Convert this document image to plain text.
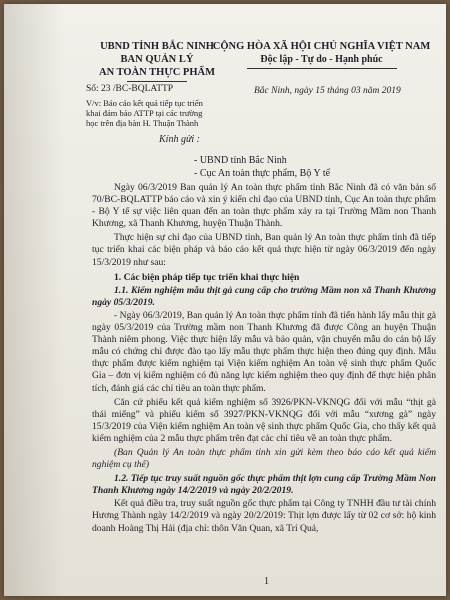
UBND TỈNH BẮC NINH
BAN QUẢN LÝ
AN TOÀN THỰC PHẨM
CỘNG HÒA XÃ HỘI CHỦ NGHĨA VIỆT NAM
Độc lập - Tự do - Hạnh phúc
Số: 23 /BC-BQLATTP
V/v: Báo cáo kết quả tiếp tục triển khai đảm bảo ATTP tại các trường học trên địa bàn H. Thuận Thành
Bắc Ninh, ngày 15 tháng 03 năm 2019
Kính gửi :
- UBND tỉnh Bắc Ninh
- Cục An toàn thực phẩm, Bộ Y tế

Ngày 06/3/2019 Ban quản lý An toàn thực phẩm tỉnh Bắc Ninh đã có văn bản số 70/BC-BQLATTP báo cáo và xin ý kiến chỉ đạo của UBND tỉnh, Cục An toàn thực phẩm - Bộ Y tế sự việc liên quan đến an toàn thực phẩm xảy ra tại Trường Mầm non Thanh Khương, xã Thanh Khương, huyện Thuận Thành.

Thực hiện sự chỉ đạo của UBND tỉnh, Ban quản lý An toàn thực phẩm tỉnh đã tiếp tục triển khai các biện pháp và báo cáo kết quả thực hiện từ ngày 06/3/2019 đến ngày 15/3/2019 như sau:

1. Các biện pháp tiếp tục triển khai thực hiện

1.1. Kiểm nghiệm mẫu thịt gà cung cấp cho trường Mầm non xã Thanh Khương ngày 05/3/2019.

- Ngày 06/3/2019, Ban quản lý An toàn thực phẩm tỉnh đã tiến hành lấy mẫu thịt gà ngày 05/3/2019 của Trường mầm non Thanh Khương đã được Công an huyện Thuận Thành niêm phong. Việc thực hiện lấy mẫu và bảo quản, vận chuyển mẫu do cán bộ lấy mẫu có chứng chỉ được đào tạo lấy mẫu thực phẩm thực hiện theo đúng quy định. Mẫu thực phẩm được kiểm nghiệm tại Viện kiểm nghiệm An toàn vệ sinh thực phẩm Quốc Gia – đơn vị kiểm nghiệm có đủ năng lực kiểm nghiệm theo quy định để thực hiện phân tích, đánh giá các chỉ tiêu an toàn thực phẩm.

Căn cứ phiếu kết quả kiểm nghiệm số 3926/PKN-VKNQG đối với mẫu “thịt gà thái miếng” và phiếu kiểm số 3927/PKN-VKNQG đối với mẫu “xương gà” ngày 15/3/2019 của Viện kiểm nghiệm An toàn vệ sinh thực phẩm Quốc Gia, cho thấy kết quả kiểm nghiệm của 2 mẫu thực phẩm trên đạt các chỉ tiêu về an toàn thực phẩm.

(Ban Quản lý An toàn thực phẩm tỉnh xin gửi kèm theo báo cáo kết quả kiểm nghiệm cụ thể)

1.2. Tiếp tục truy suất nguồn gốc thực phẩm thịt lợn cung cấp Trường Mầm Non Thanh Khương ngày 14/2/2019 và ngày 20/2/2019.

Kết quả điều tra, truy suất nguồn gốc thực phẩm tại Công ty TNHH đầu tư tài chính Hương Thành ngày 14/2/2019 và ngày 20/2/2019: Thịt lợn được lấy từ 02 cơ sở: hộ kinh doanh Hoàng Thị Hải (địa chỉ: thôn Văn Quan, xã Trí Quả,

1
